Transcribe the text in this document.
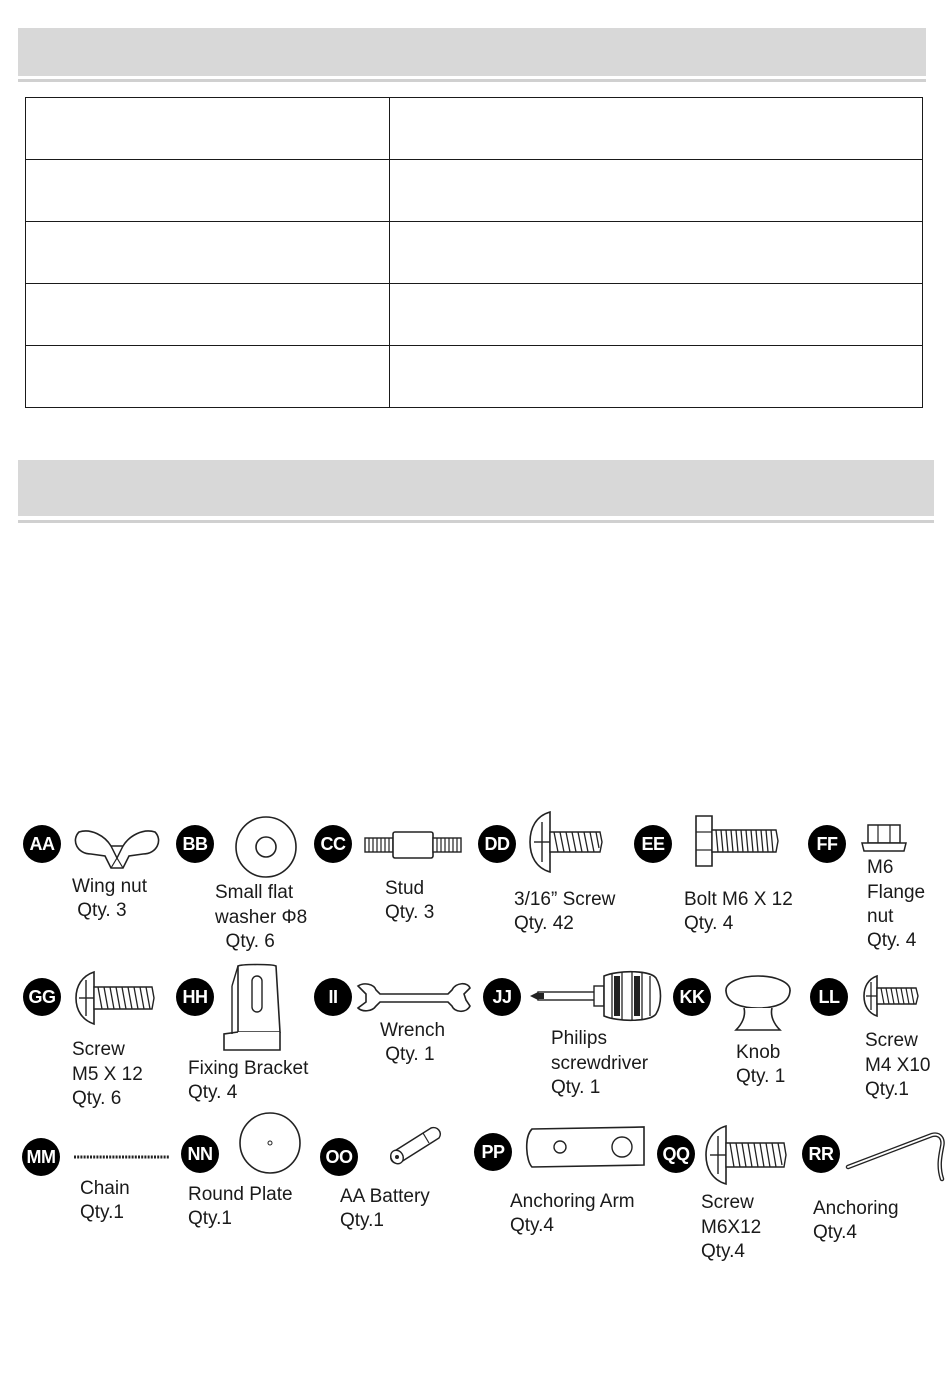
AA
Wing nut
Qty. 3
BB
Small flat
washer Φ8
Qty. 6
CC
Stud
Qty. 3
DD
3/16” Screw
Qty. 42
EE
Bolt M6 X 12
Qty. 4
FF
M6
Flange
nut
Qty. 4
GG
Screw
M5 X 12
Qty. 6
HH
Fixing Bracket
Qty. 4
II
Wrench
Qty. 1
JJ
Philips
screwdriver
Qty. 1
KK
Knob
Qty. 1
LL
Screw
M4 X10
Qty.1
MM
Chain
Qty.1
NN
Round Plate
Qty.1
OO
AA Battery
Qty.1
PP
Anchoring Arm
Qty.4
QQ
Screw
M6X12
Qty.4
RR
Anchoring
Qty.4
